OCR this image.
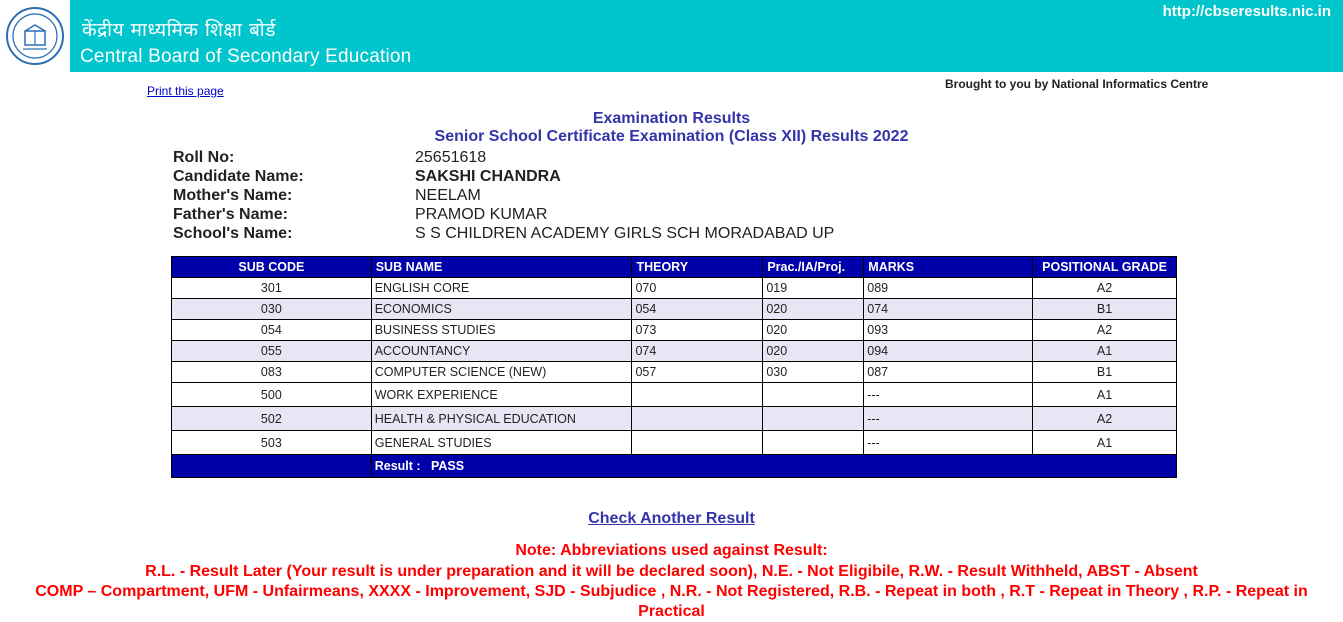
केंद्रीय माध्यमिक शिक्षा बोर्ड
Central Board of Secondary Education
http://cbseresults.nic.in
Print this page	Brought to you by National Informatics Centre
Examination Results
Senior School Certificate Examination (Class XII) Results 2022
Roll No:	25651618
Candidate Name:	SAKSHI CHANDRA
Mother's Name:	NEELAM
Father's Name:	PRAMOD KUMAR
School's Name:	S S CHILDREN ACADEMY GIRLS SCH MORADABAD UP
SUB CODE	SUB NAME	THEORY	Prac./IA/Proj.	MARKS	POSITIONAL GRADE
301	ENGLISH CORE	070	019	089	A2
030	ECONOMICS	054	020	074	B1
054	BUSINESS STUDIES	073	020	093	A2
055	ACCOUNTANCY	074	020	094	A1
083	COMPUTER SCIENCE (NEW)	057	030	087	B1
500	WORK EXPERIENCE			---	A1
502	HEALTH & PHYSICAL EDUCATION			---	A2
503	GENERAL STUDIES			---	A1
	Result : PASS				
Check Another Result
Note: Abbreviations used against Result:
R.L. - Result Later (Your result is under preparation and it will be declared soon), N.E. - Not Eligibile, R.W. - Result Withheld, ABST - Absent
COMP – Compartment, UFM - Unfairmeans, XXXX - Improvement, SJD - Subjudice , N.R. - Not Registered, R.B. - Repeat in both , R.T - Repeat in Theory , R.P. - Repeat in
Practical
